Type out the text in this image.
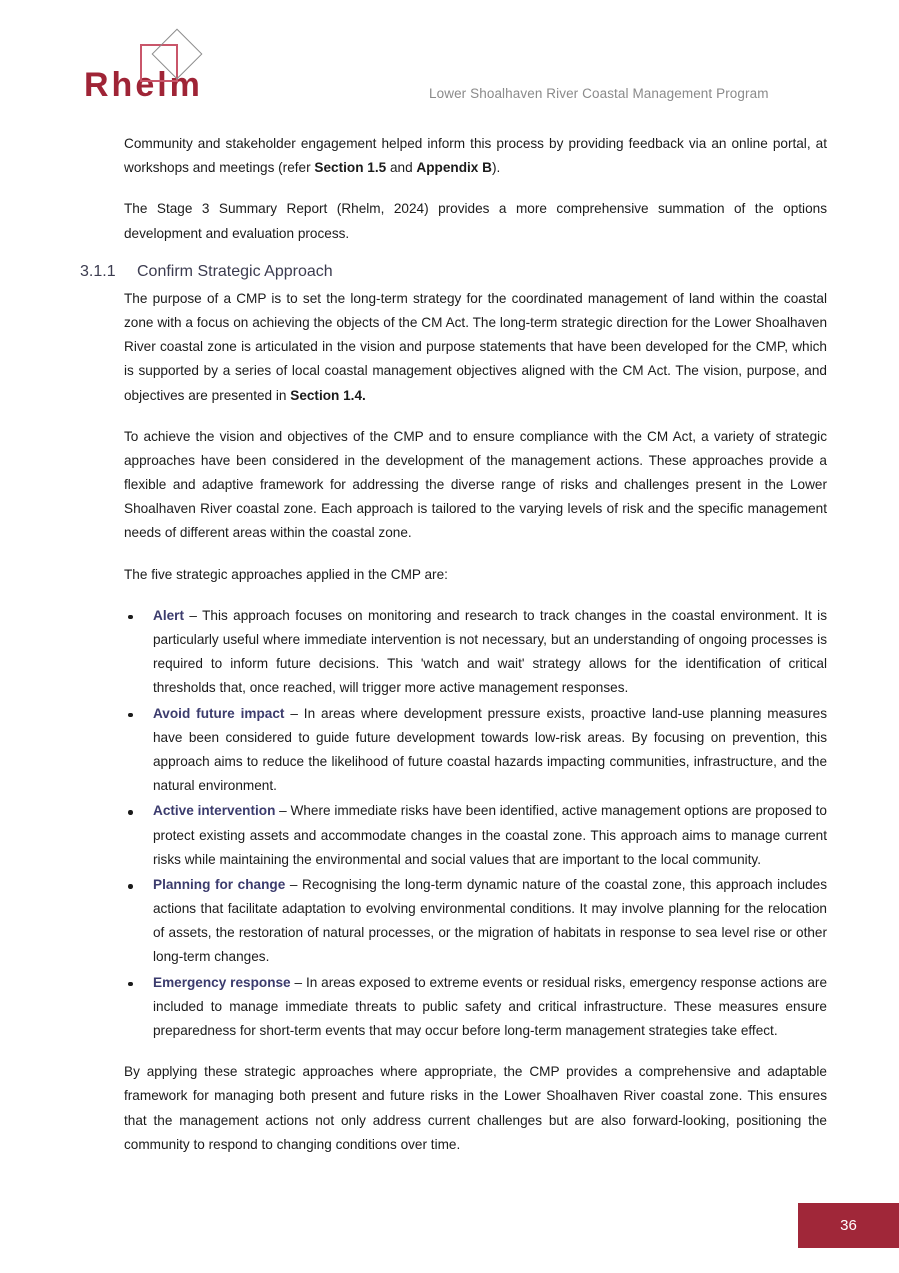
Rhelm	Lower Shoalhaven River Coastal Management Program

Community and stakeholder engagement helped inform this process by providing feedback via an online portal, at workshops and meetings (refer Section 1.5 and Appendix B).

The Stage 3 Summary Report (Rhelm, 2024) provides a more comprehensive summation of the options development and evaluation process.

3.1.1	Confirm Strategic Approach

The purpose of a CMP is to set the long-term strategy for the coordinated management of land within the coastal zone with a focus on achieving the objects of the CM Act. The long-term strategic direction for the Lower Shoalhaven River coastal zone is articulated in the vision and purpose statements that have been developed for the CMP, which is supported by a series of local coastal management objectives aligned with the CM Act. The vision, purpose, and objectives are presented in Section 1.4.

To achieve the vision and objectives of the CMP and to ensure compliance with the CM Act, a variety of strategic approaches have been considered in the development of the management actions. These approaches provide a flexible and adaptive framework for addressing the diverse range of risks and challenges present in the Lower Shoalhaven River coastal zone. Each approach is tailored to the varying levels of risk and the specific management needs of different areas within the coastal zone.

The five strategic approaches applied in the CMP are:

Alert – This approach focuses on monitoring and research to track changes in the coastal environment. It is particularly useful where immediate intervention is not necessary, but an understanding of ongoing processes is required to inform future decisions. This 'watch and wait' strategy allows for the identification of critical thresholds that, once reached, will trigger more active management responses.
Avoid future impact – In areas where development pressure exists, proactive land-use planning measures have been considered to guide future development towards low-risk areas. By focusing on prevention, this approach aims to reduce the likelihood of future coastal hazards impacting communities, infrastructure, and the natural environment.
Active intervention – Where immediate risks have been identified, active management options are proposed to protect existing assets and accommodate changes in the coastal zone. This approach aims to manage current risks while maintaining the environmental and social values that are important to the local community.
Planning for change – Recognising the long-term dynamic nature of the coastal zone, this approach includes actions that facilitate adaptation to evolving environmental conditions. It may involve planning for the relocation of assets, the restoration of natural processes, or the migration of habitats in response to sea level rise or other long-term changes.
Emergency response – In areas exposed to extreme events or residual risks, emergency response actions are included to manage immediate threats to public safety and critical infrastructure. These measures ensure preparedness for short-term events that may occur before long-term management strategies take effect.

By applying these strategic approaches where appropriate, the CMP provides a comprehensive and adaptable framework for managing both present and future risks in the Lower Shoalhaven River coastal zone. This ensures that the management actions not only address current challenges but are also forward-looking, positioning the community to respond to changing conditions over time.

36
